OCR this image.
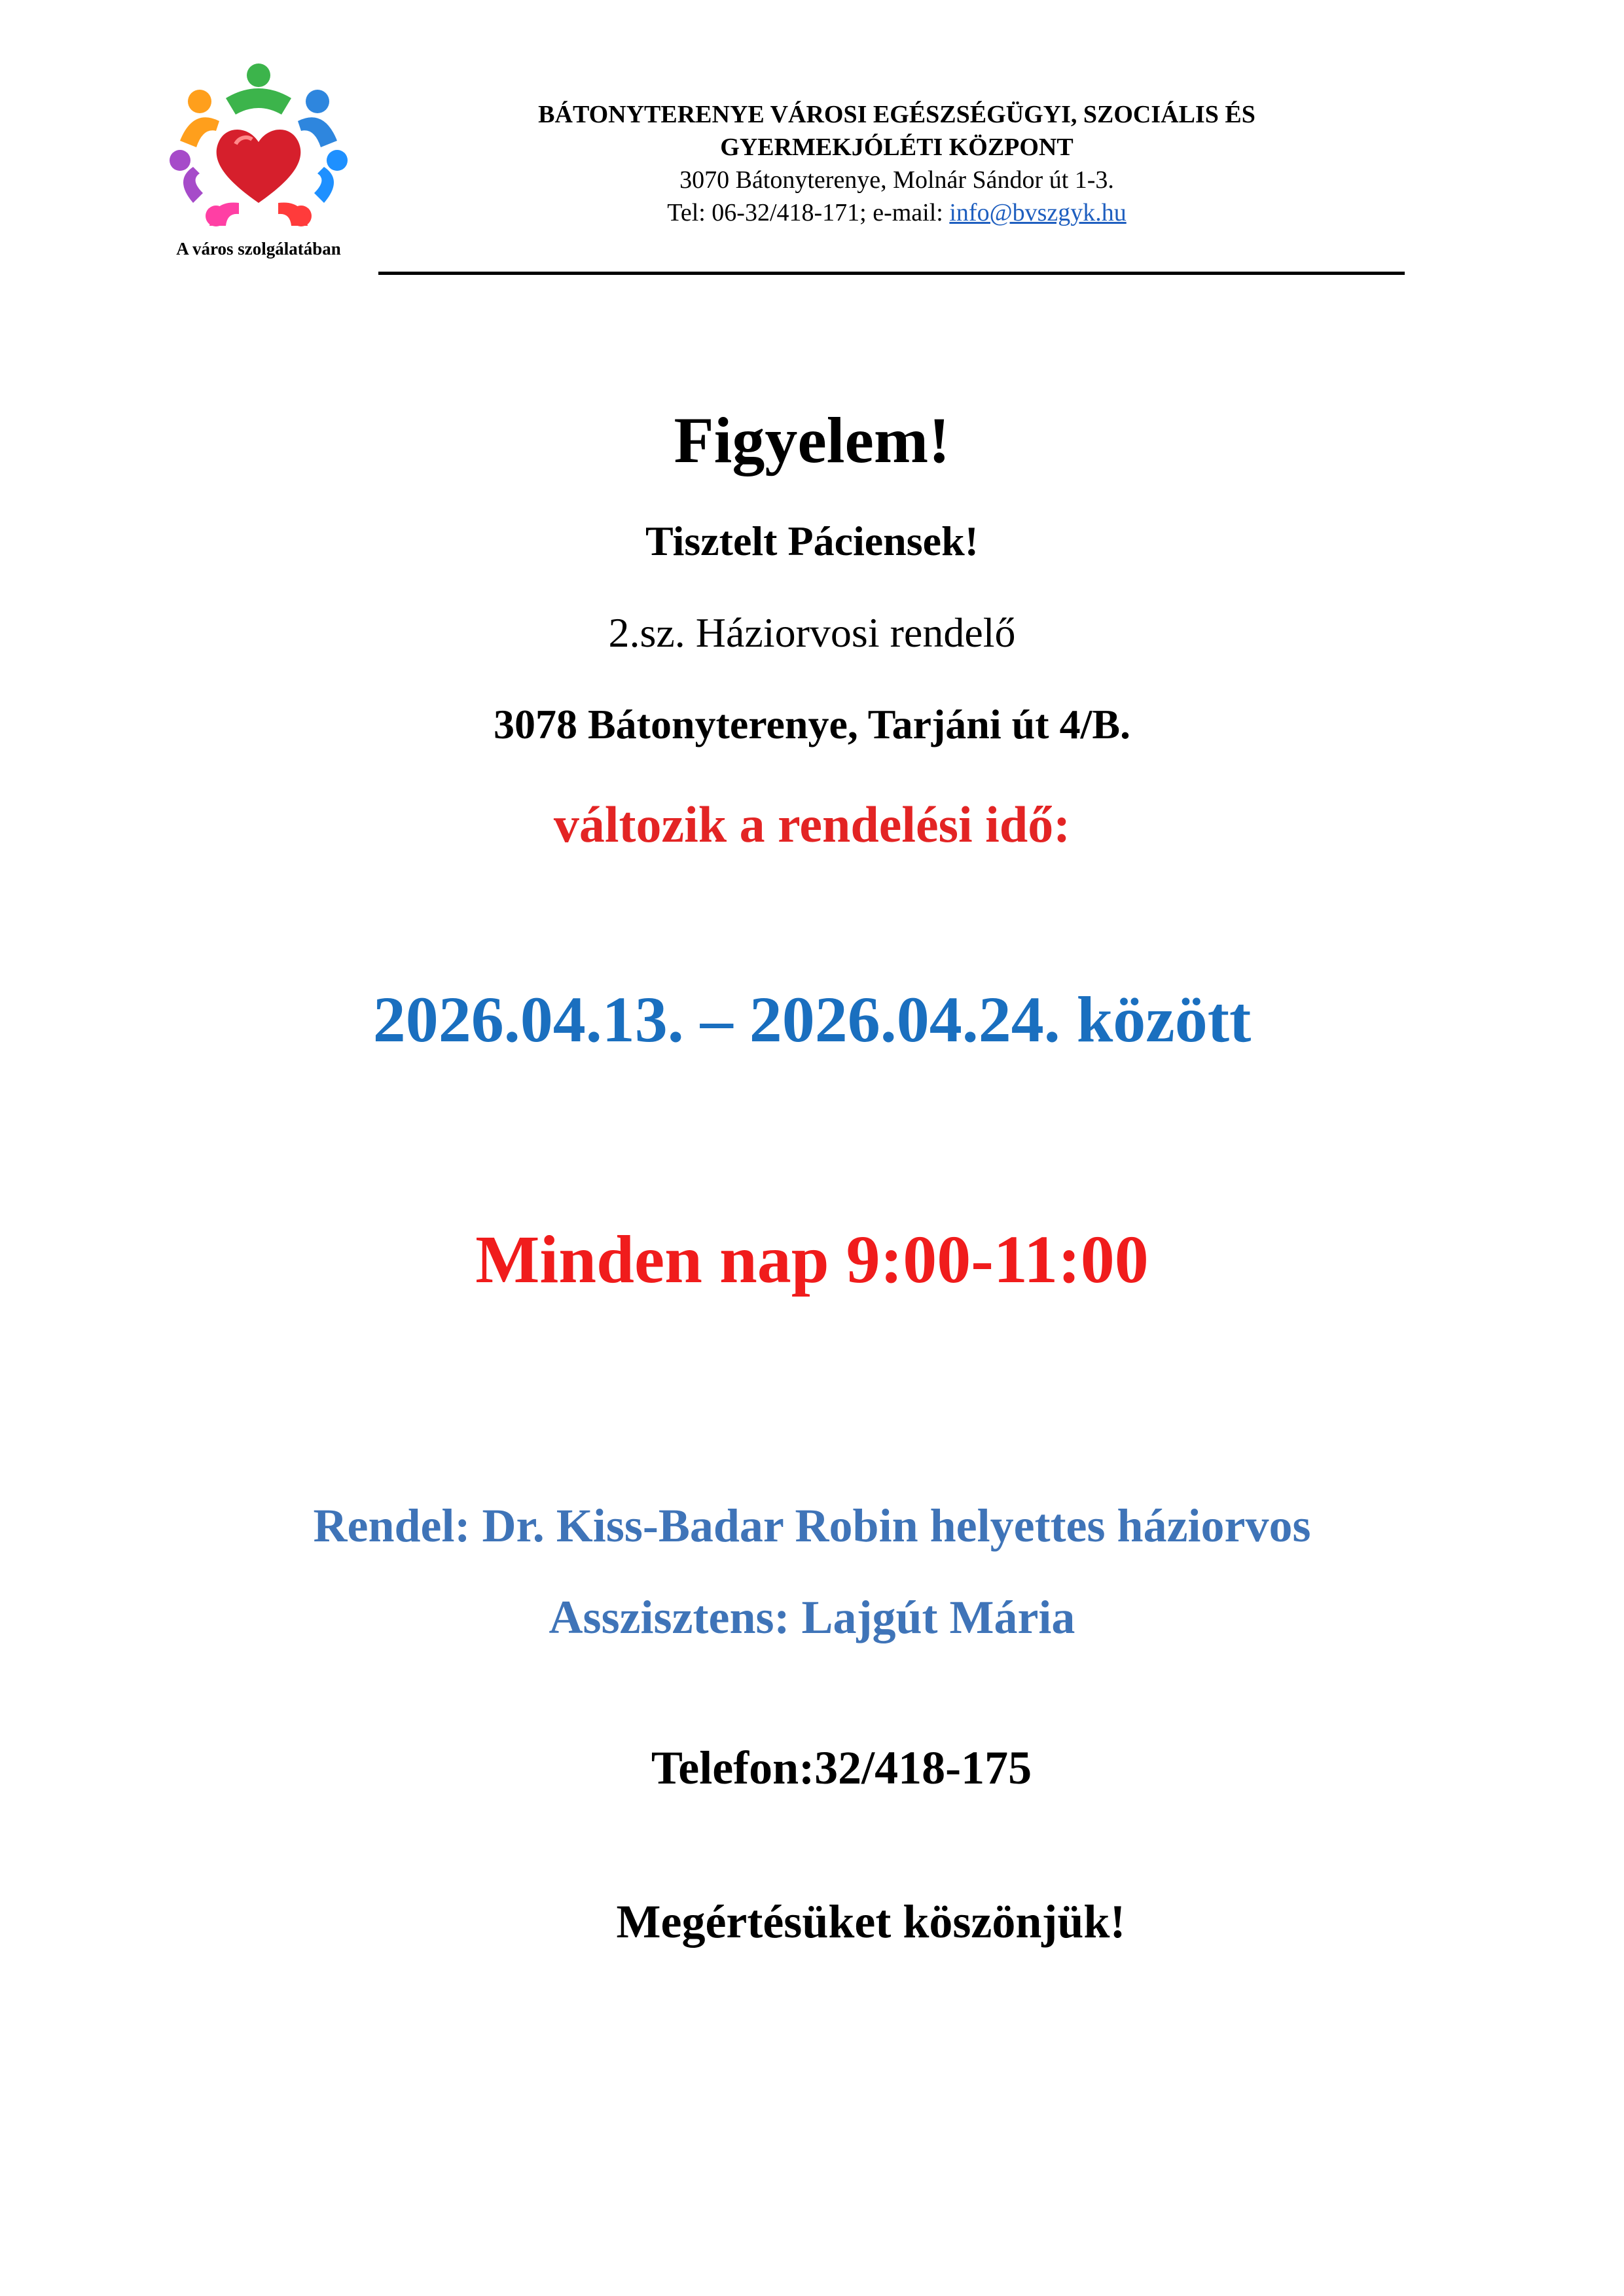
A város szolgálatában
BÁTONYTERENYE VÁROSI EGÉSZSÉGÜGYI, SZOCIÁLIS ÉS
GYERMEKJÓLÉTI KÖZPONT
3070 Bátonyterenye, Molnár Sándor út 1-3.
Tel: 06-32/418-171; e-mail: info@bvszgyk.hu
Figyelem!
Tisztelt Páciensek!
2.sz. Háziorvosi rendelő
3078 Bátonyterenye, Tarjáni út 4/B.
változik a rendelési idő:
2026.04.13. – 2026.04.24. között
Minden nap 9:00-11:00
Rendel: Dr. Kiss-Badar Robin helyettes háziorvos
Asszisztens: Lajgút Mária
Telefon:32/418-175
Megértésüket köszönjük!
